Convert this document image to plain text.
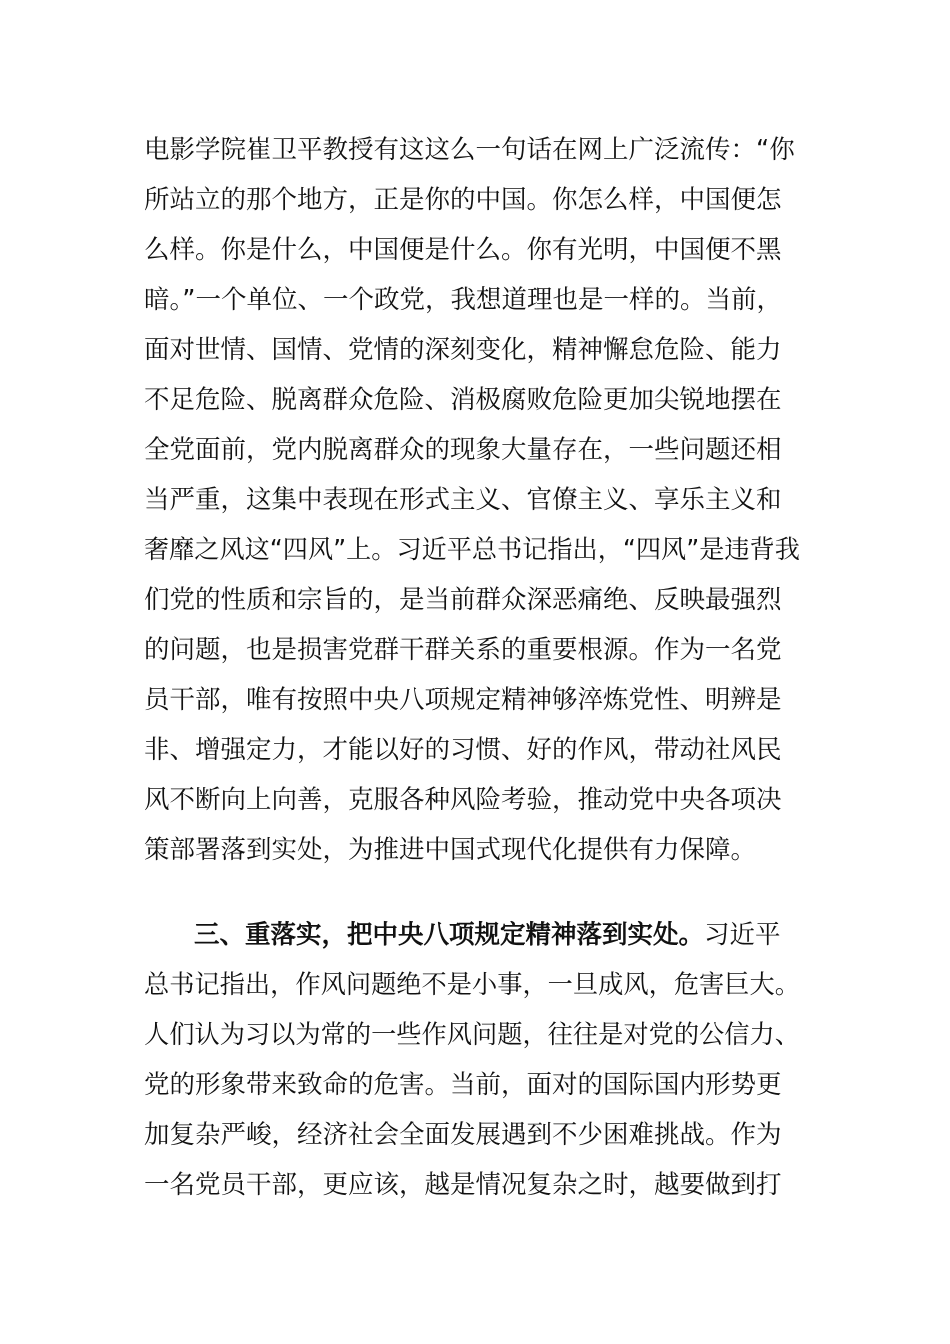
电影学院崔卫平教授有这这么一句话在网上广泛流传：“你
所站立的那个地方，正是你的中国。你怎么样，中国便怎
么样。你是什么，中国便是什么。你有光明，中国便不黑
暗。”一个单位、一个政党，我想道理也是一样的。当前，
面对世情、国情、党情的深刻变化，精神懈怠危险、能力
不足危险、脱离群众危险、消极腐败危险更加尖锐地摆在
全党面前，党内脱离群众的现象大量存在，一些问题还相
当严重，这集中表现在形式主义、官僚主义、享乐主义和
奢靡之风这“四风”上。习近平总书记指出，“四风”是违背我
们党的性质和宗旨的，是当前群众深恶痛绝、反映最强烈
的问题，也是损害党群干群关系的重要根源。作为一名党
员干部，唯有按照中央八项规定精神够淬炼党性、明辨是
非、增强定力，才能以好的习惯、好的作风，带动社风民
风不断向上向善，克服各种风险考验，推动党中央各项决
策部署落到实处，为推进中国式现代化提供有力保障。
三、重落实，把中央八项规定精神落到实处。习近平
总书记指出，作风问题绝不是小事，一旦成风，危害巨大。
人们认为习以为常的一些作风问题，往往是对党的公信力、
党的形象带来致命的危害。当前，面对的国际国内形势更
加复杂严峻，经济社会全面发展遇到不少困难挑战。作为
一名党员干部，更应该，越是情况复杂之时，越要做到打
